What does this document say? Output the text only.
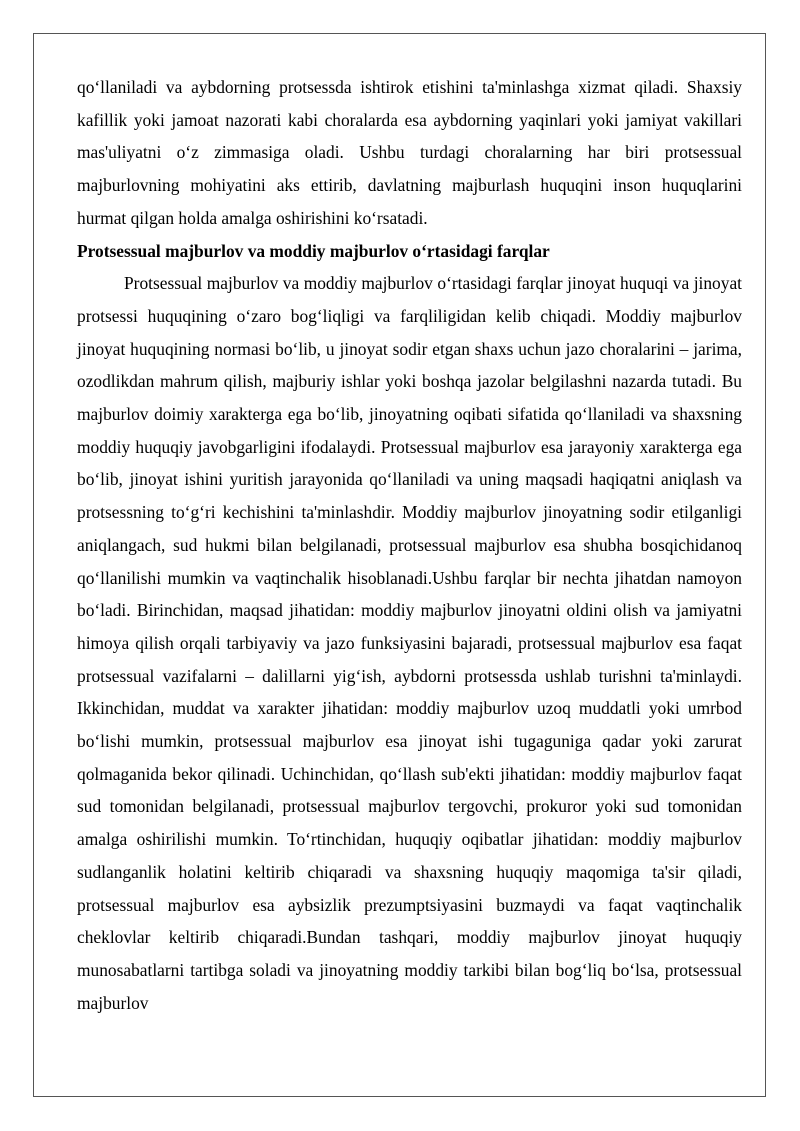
qo‘llaniladi va aybdorning protsessda ishtirok etishini ta'minlashga xizmat qiladi. Shaxsiy kafillik yoki jamoat nazorati kabi choralarda esa aybdorning yaqinlari yoki jamiyat vakillari mas'uliyatni o‘z zimmasiga oladi. Ushbu turdagi choralarning har biri protsessual majburlovning mohiyatini aks ettirib, davlatning majburlash huquqini inson huquqlarini hurmat qilgan holda amalga oshirishini ko‘rsatadi.

Protsessual majburlov va moddiy majburlov o‘rtasidagi farqlar

Protsessual majburlov va moddiy majburlov o‘rtasidagi farqlar jinoyat huquqi va jinoyat protsessi huquqining o‘zaro bog‘liqligi va farqliligidan kelib chiqadi. Moddiy majburlov jinoyat huquqining normasi bo‘lib, u jinoyat sodir etgan shaxs uchun jazo choralarini – jarima, ozodlikdan mahrum qilish, majburiy ishlar yoki boshqa jazolar belgilashni nazarda tutadi. Bu majburlov doimiy xarakterga ega bo‘lib, jinoyatning oqibati sifatida qo‘llaniladi va shaxsning moddiy huquqiy javobgarligini ifodalaydi. Protsessual majburlov esa jarayoniy xarakterga ega bo‘lib, jinoyat ishini yuritish jarayonida qo‘llaniladi va uning maqsadi haqiqatni aniqlash va protsessning to‘g‘ri kechishini ta'minlashdir. Moddiy majburlov jinoyatning sodir etilganligi aniqlangach, sud hukmi bilan belgilanadi, protsessual majburlov esa shubha bosqichidanoq qo‘llanilishi mumkin va vaqtinchalik hisoblanadi.Ushbu farqlar bir nechta jihatdan namoyon bo‘ladi. Birinchidan, maqsad jihatidan: moddiy majburlov jinoyatni oldini olish va jamiyatni himoya qilish orqali tarbiyaviy va jazo funksiyasini bajaradi, protsessual majburlov esa faqat protsessual vazifalarni – dalillarni yig‘ish, aybdorni protsessda ushlab turishni ta'minlaydi. Ikkinchidan, muddat va xarakter jihatidan: moddiy majburlov uzoq muddatli yoki umrbod bo‘lishi mumkin, protsessual majburlov esa jinoyat ishi tugaguniga qadar yoki zarurat qolmaganida bekor qilinadi. Uchinchidan, qo‘llash sub'ekti jihatidan: moddiy majburlov faqat sud tomonidan belgilanadi, protsessual majburlov tergovchi, prokuror yoki sud tomonidan amalga oshirilishi mumkin. To‘rtinchidan, huquqiy oqibatlar jihatidan: moddiy majburlov sudlanganlik holatini keltirib chiqaradi va shaxsning huquqiy maqomiga ta'sir qiladi, protsessual majburlov esa aybsizlik prezumptsiyasini buzmaydi va faqat vaqtinchalik cheklovlar keltirib chiqaradi.Bundan tashqari, moddiy majburlov jinoyat huquqiy munosabatlarni tartibga soladi va jinoyatning moddiy tarkibi bilan bog‘liq bo‘lsa, protsessual majburlov
